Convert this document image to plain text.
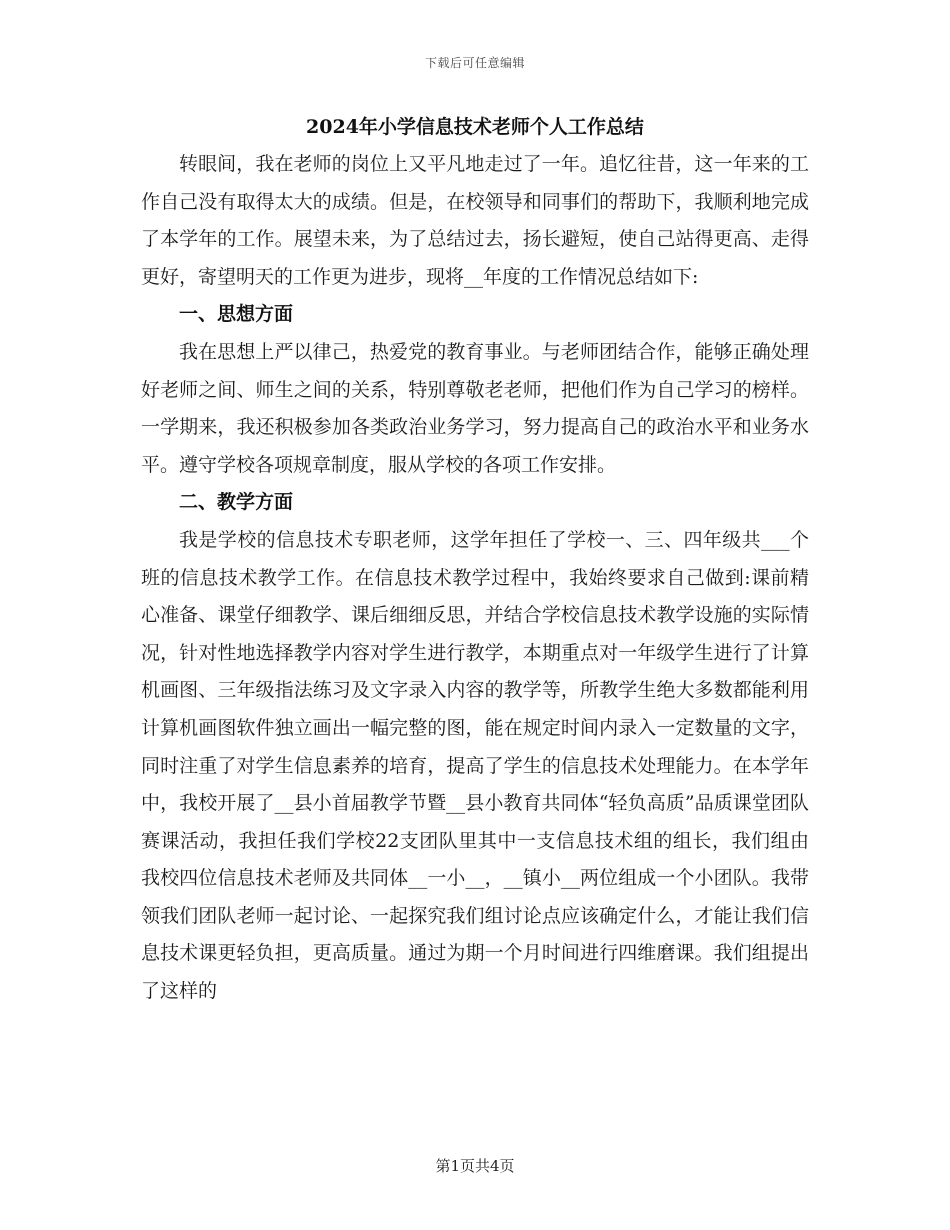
下载后可任意编辑
2024年小学信息技术老师个人工作总结

转眼间，我在老师的岗位上又平凡地走过了一年。追忆往昔，这一年来的工作自己没有取得太大的成绩。但是，在校领导和同事们的帮助下，我顺利地完成了本学年的工作。展望未来，为了总结过去，扬长避短，使自己站得更高、走得更好，寄望明天的工作更为进步，现将__年度的工作情况总结如下:

一、思想方面

我在思想上严以律己，热爱党的教育事业。与老师团结合作，能够正确处理好老师之间、师生之间的关系，特别尊敬老老师，把他们作为自己学习的榜样。一学期来，我还积极参加各类政治业务学习，努力提高自己的政治水平和业务水平。遵守学校各项规章制度，服从学校的各项工作安排。

二、教学方面

我是学校的信息技术专职老师，这学年担任了学校一、三、四年级共___个班的信息技术教学工作。在信息技术教学过程中，我始终要求自己做到:课前精心准备、课堂仔细教学、课后细细反思，并结合学校信息技术教学设施的实际情况，针对性地选择教学内容对学生进行教学，本期重点对一年级学生进行了计算机画图、三年级指法练习及文字录入内容的教学等，所教学生绝大多数都能利用计算机画图软件独立画出一幅完整的图，能在规定时间内录入一定数量的文字，同时注重了对学生信息素养的培育，提高了学生的信息技术处理能力。在本学年中，我校开展了__县小首届教学节暨__县小教育共同体“轻负高质”品质课堂团队赛课活动，我担任我们学校22支团队里其中一支信息技术组的组长，我们组由我校四位信息技术老师及共同体__一小__，__镇小__两位组成一个小团队。我带领我们团队老师一起讨论、一起探究我们组讨论点应该确定什么，才能让我们信息技术课更轻负担，更高质量。通过为期一个月时间进行四维磨课。我们组提出了这样的

第1页共4页
